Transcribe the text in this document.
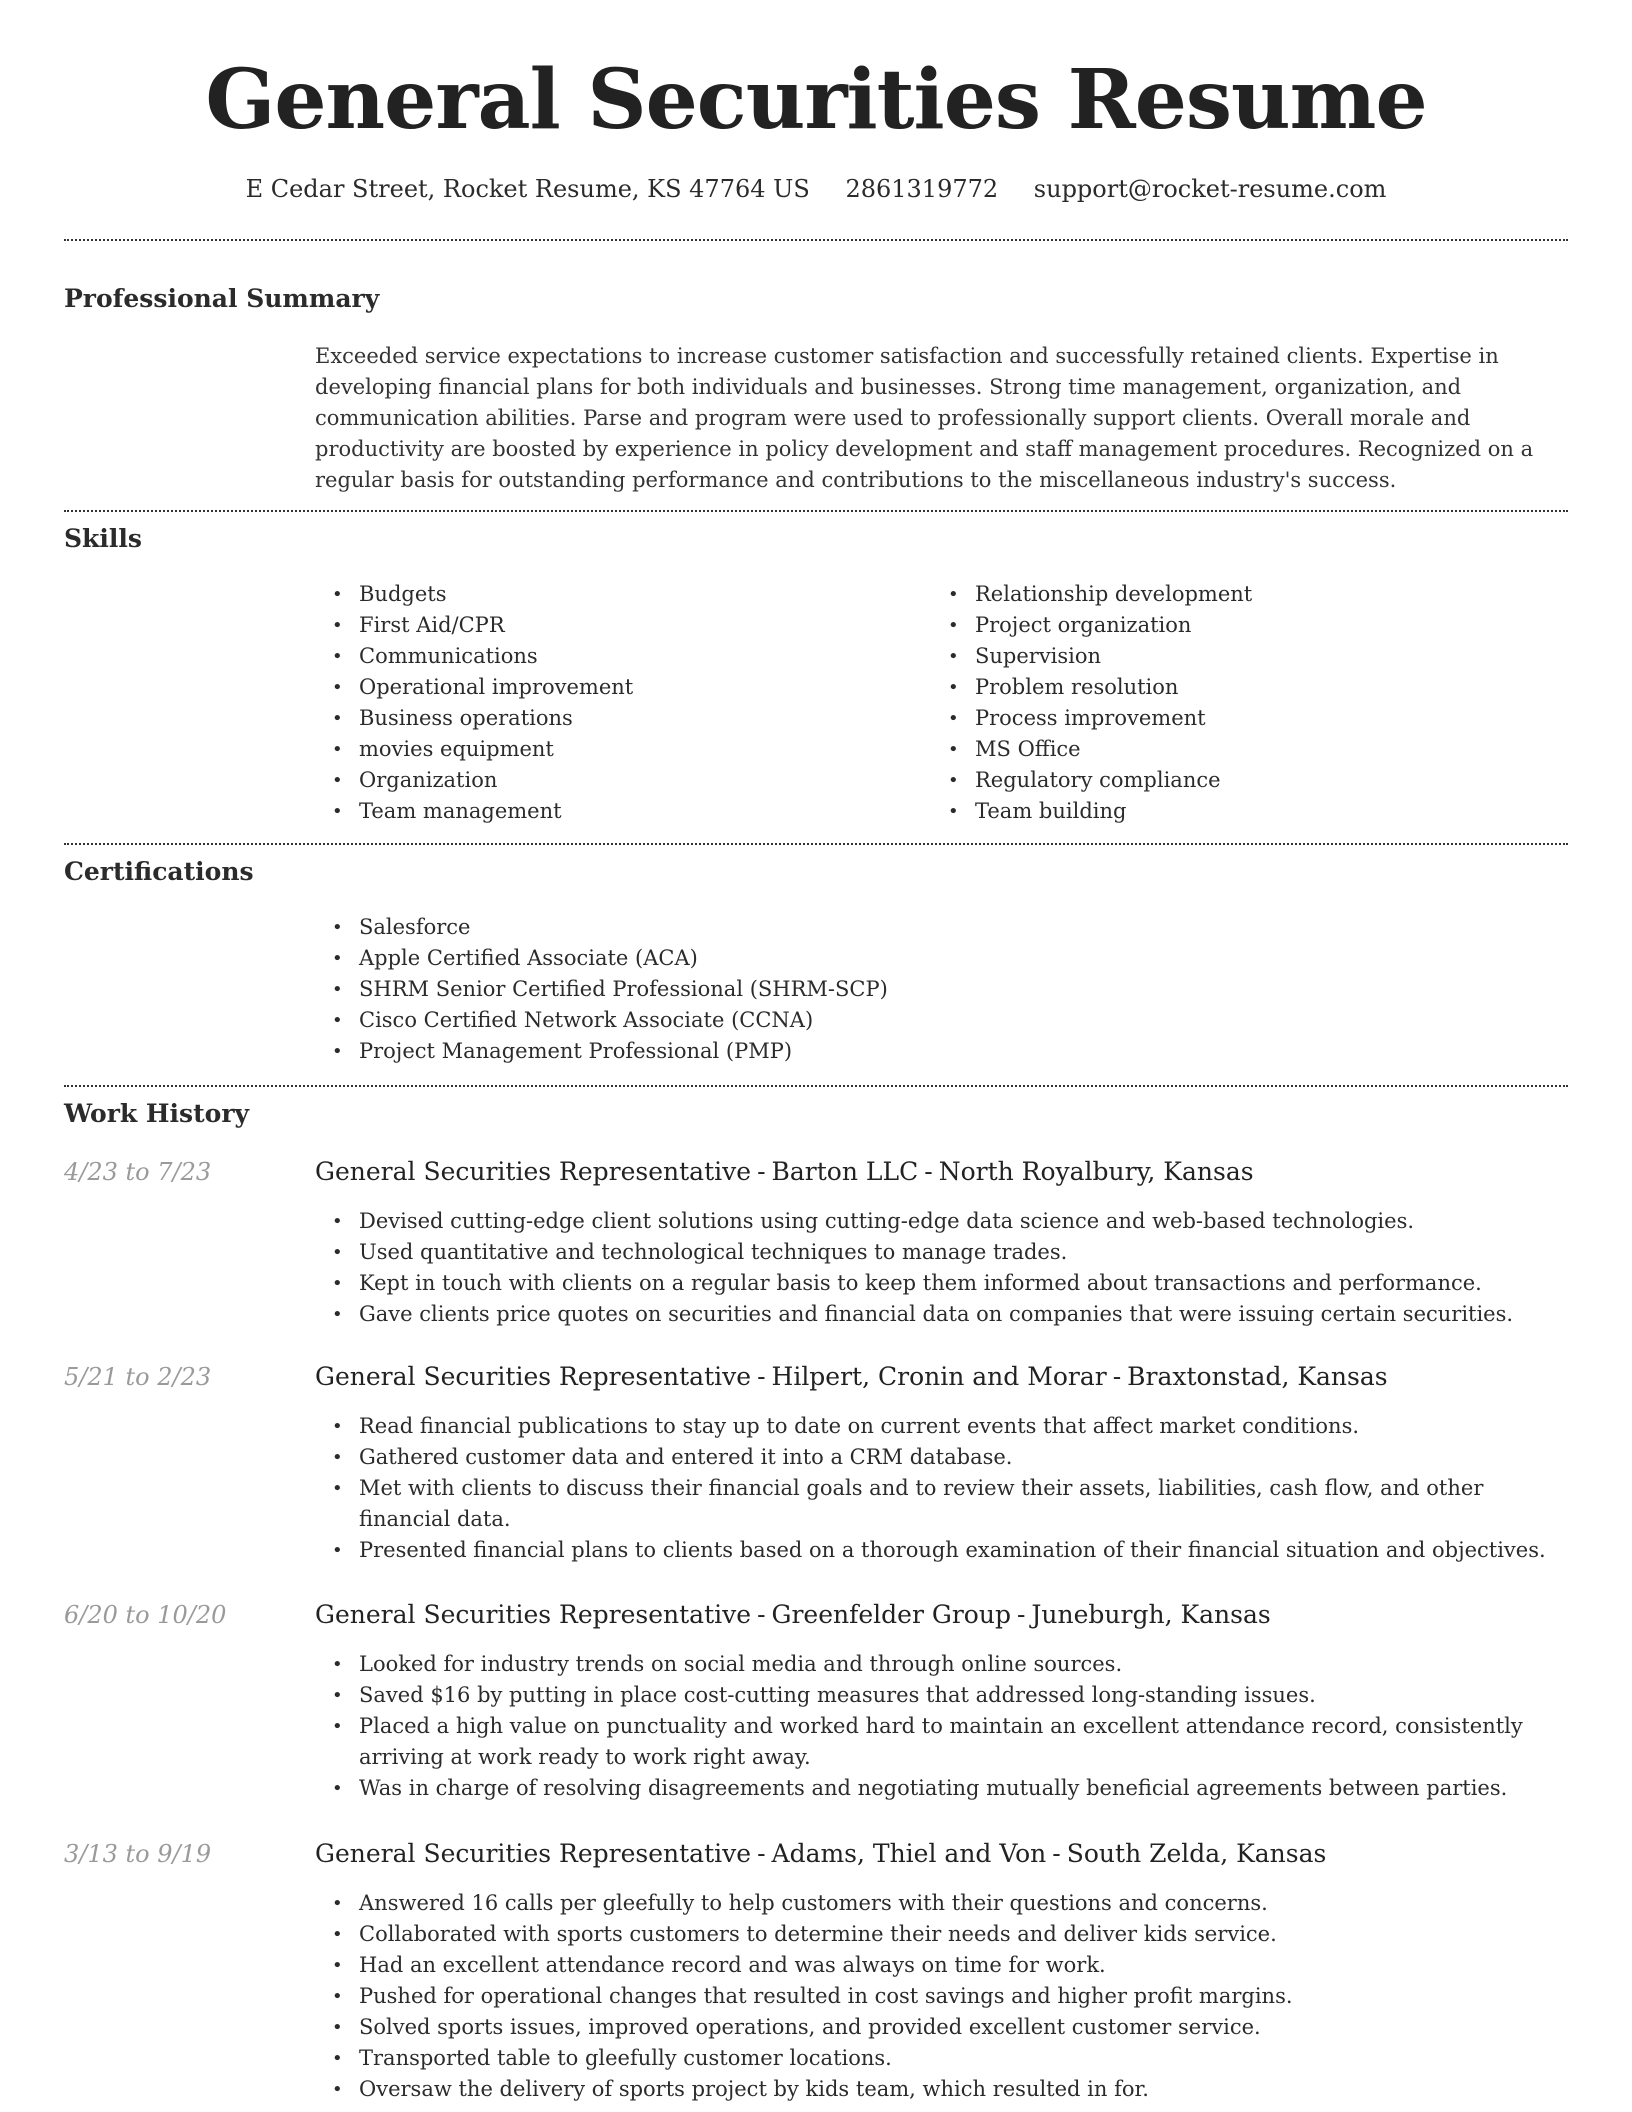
General Securities Resume
E Cedar Street, Rocket Resume, KS 47764 US 2861319772 support@rocket-resume.com
Professional Summary

Exceeded service expectations to increase customer satisfaction and successfully retained clients. Expertise in developing financial plans for both individuals and businesses. Strong time management, organization, and communication abilities. Parse and program were used to professionally support clients. Overall morale and productivity are boosted by experience in policy development and staff management procedures. Recognized on a regular basis for outstanding performance and contributions to the miscellaneous industry's success.

Skills
• Budgets
• First Aid/CPR
• Communications
• Operational improvement
• Business operations
• movies equipment
• Organization
• Team management
• Relationship development
• Project organization
• Supervision
• Problem resolution
• Process improvement
• MS Office
• Regulatory compliance
• Team building
Certifications
• Salesforce
• Apple Certified Associate (ACA)
• SHRM Senior Certified Professional (SHRM-SCP)
• Cisco Certified Network Associate (CCNA)
• Project Management Professional (PMP)
Work History
4/23 to 7/23	General Securities Representative - Barton LLC - North Royalbury, Kansas
• Devised cutting-edge client solutions using cutting-edge data science and web-based technologies.
• Used quantitative and technological techniques to manage trades.
• Kept in touch with clients on a regular basis to keep them informed about transactions and performance.
• Gave clients price quotes on securities and financial data on companies that were issuing certain securities.
5/21 to 2/23	General Securities Representative - Hilpert, Cronin and Morar - Braxtonstad, Kansas
• Read financial publications to stay up to date on current events that affect market conditions.
• Gathered customer data and entered it into a CRM database.
• Met with clients to discuss their financial goals and to review their assets, liabilities, cash flow, and other financial data.
• Presented financial plans to clients based on a thorough examination of their financial situation and objectives.
6/20 to 10/20	General Securities Representative - Greenfelder Group - Juneburgh, Kansas
• Looked for industry trends on social media and through online sources.
• Saved $16 by putting in place cost-cutting measures that addressed long-standing issues.
• Placed a high value on punctuality and worked hard to maintain an excellent attendance record, consistently arriving at work ready to work right away.
• Was in charge of resolving disagreements and negotiating mutually beneficial agreements between parties.
3/13 to 9/19	General Securities Representative - Adams, Thiel and Von - South Zelda, Kansas
• Answered 16 calls per gleefully to help customers with their questions and concerns.
• Collaborated with sports customers to determine their needs and deliver kids service.
• Had an excellent attendance record and was always on time for work.
• Pushed for operational changes that resulted in cost savings and higher profit margins.
• Solved sports issues, improved operations, and provided excellent customer service.
• Transported table to gleefully customer locations.
• Oversaw the delivery of sports project by kids team, which resulted in for.
